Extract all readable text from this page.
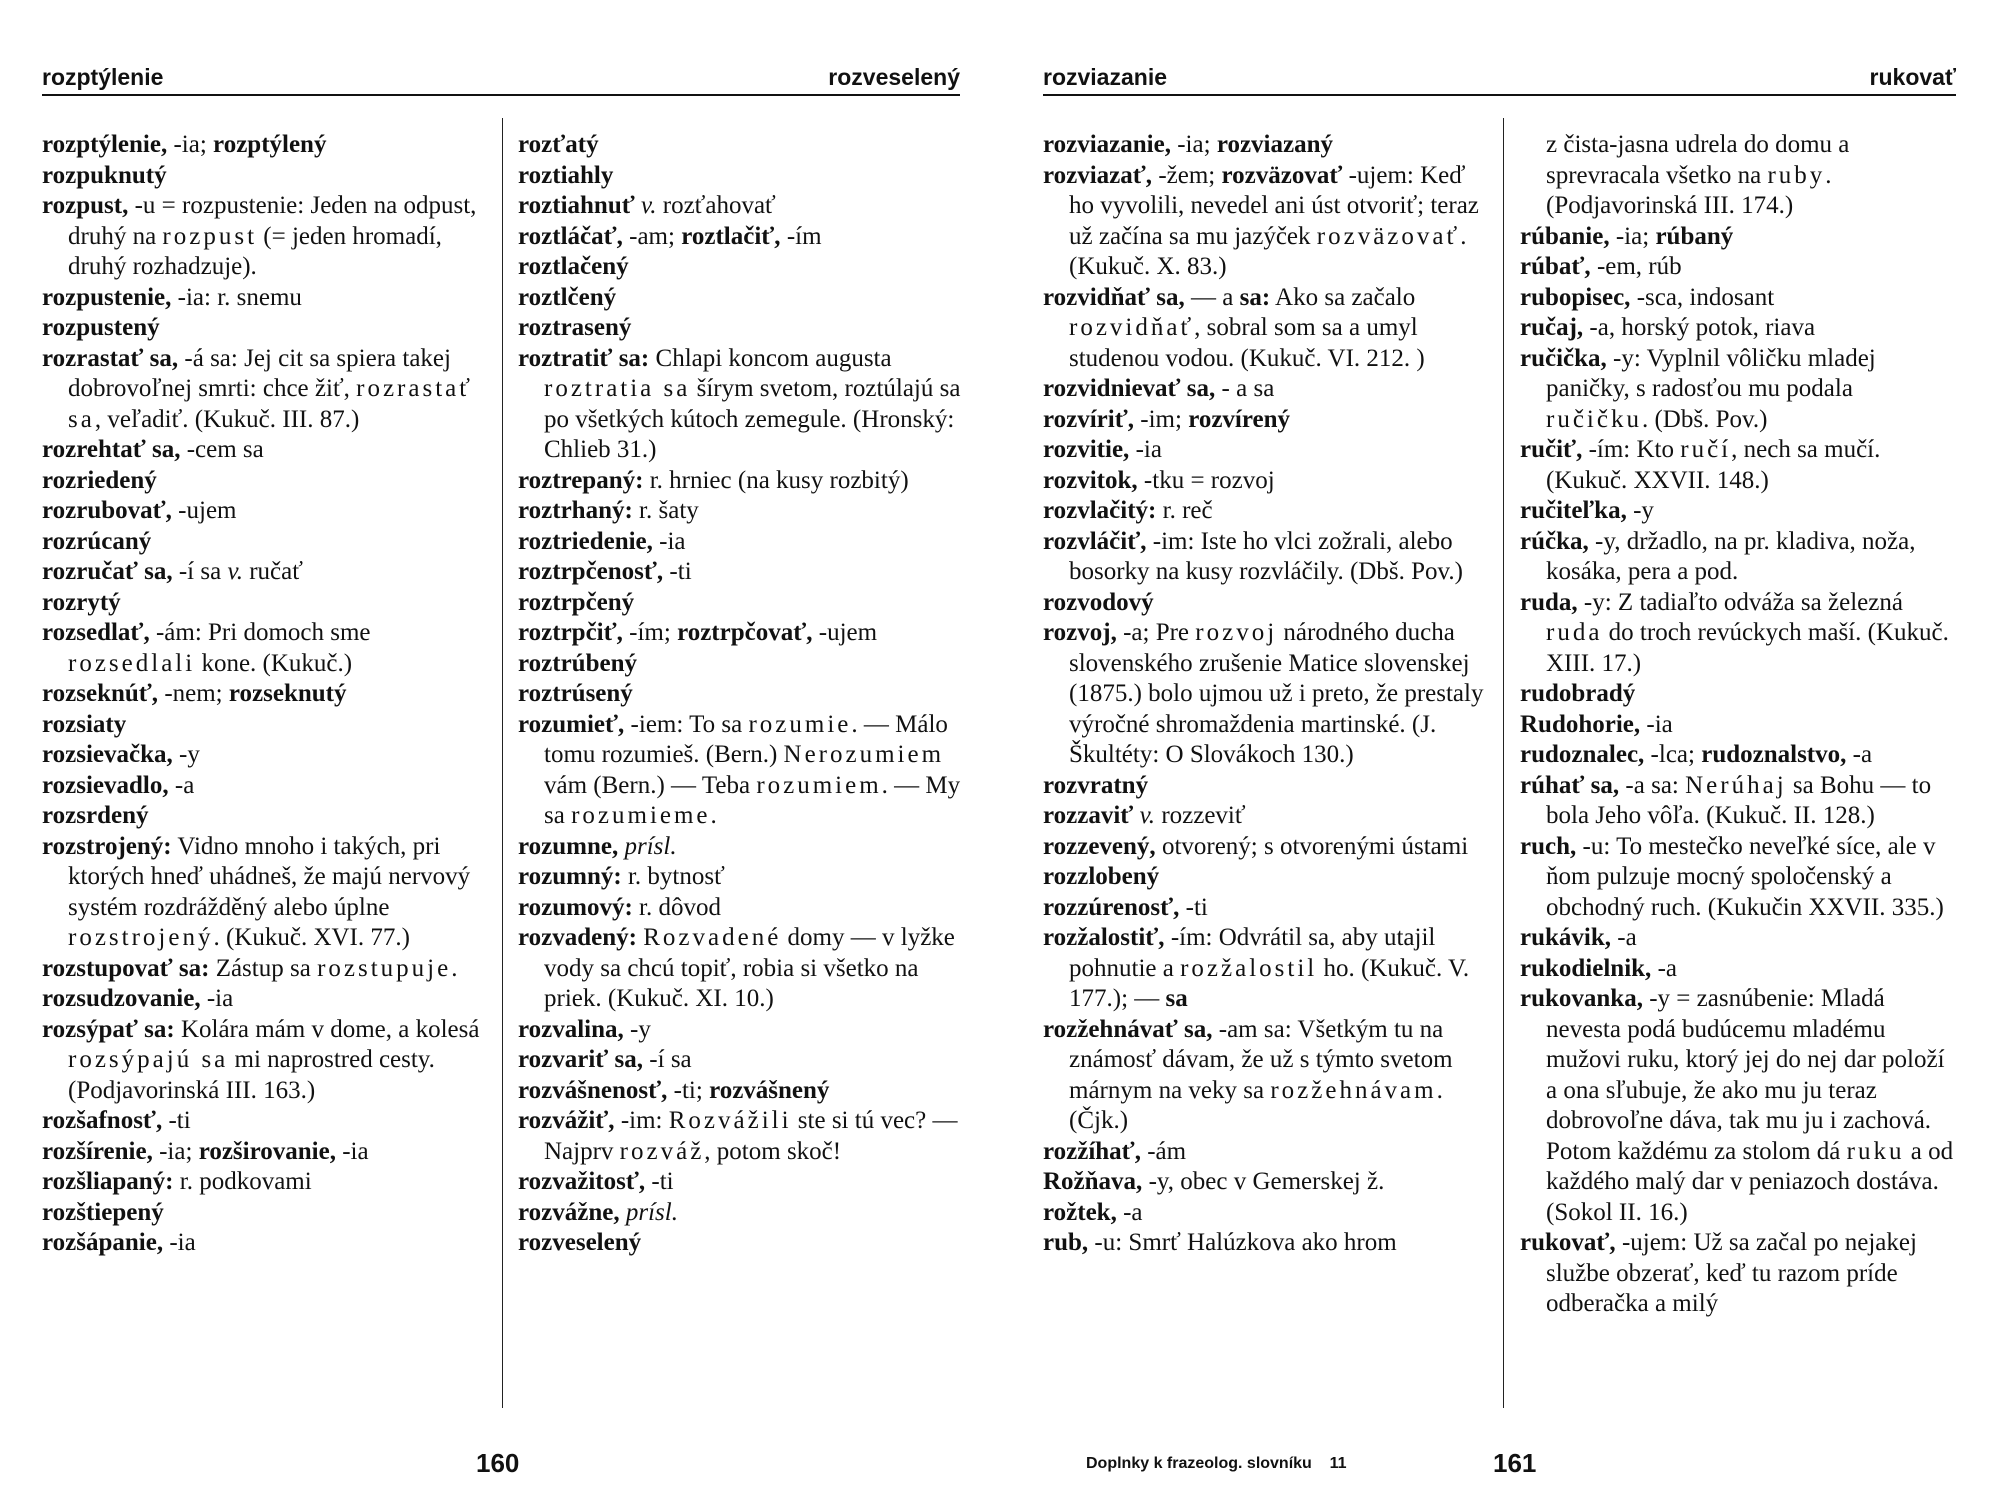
rozptýlenie	rozveselený

rozptýlenie, -ia; rozptýlený

rozpuknutý

rozpust, -u = rozpustenie: Jeden na odpust, druhý na rozpust (= jeden hromadí, druhý rozhadzuje).

rozpustenie, -ia: r. snemu

rozpustený

rozrastať sa, -á sa: Jej cit sa spiera takej dobrovoľnej smrti: chce žiť, rozrastať sa, veľadiť. (Kukuč. III. 87.)

rozrehtať sa, -cem sa

rozriedený

rozrubovať, -ujem

rozrúcaný

rozručať sa, -í sa v. ručať

rozrytý

rozsedlať, -ám: Pri domoch sme rozsedlali kone. (Kukuč.)

rozseknúť, -nem; rozseknutý

rozsiaty

rozsievačka, -y

rozsievadlo, -a

rozsrdený

rozstrojený: Vidno mnoho i takých, pri ktorých hneď uhádneš, že majú nervový systém rozdrážděný alebo úplne rozstrojený. (Kukuč. XVI. 77.)

rozstupovať sa: Zástup sa rozstupuje.

rozsudzovanie, -ia

rozsýpať sa: Kolára mám v dome, a kolesá rozsýpajú sa mi naprostred cesty. (Podjavorinská III. 163.)

rozšafnosť, -ti

rozšírenie, -ia; rozširovanie, -ia

rozšliapaný: r. podkovami

rozštiepený

rozšápanie, -ia

rozťatý

roztiahly

roztiahnuť v. rozťahovať

roztláčať, -am; roztlačiť, -ím

roztlačený

roztlčený

roztrasený

roztratiť sa: Chlapi koncom augusta roztratia sa šírym svetom, roztúlajú sa po všetkých kútoch zemegule. (Hronský: Chlieb 31.)

roztrepaný: r. hrniec (na kusy rozbitý)

roztrhaný: r. šaty

roztriedenie, -ia

roztrpčenosť, -ti

roztrpčený

roztrpčiť, -ím; roztrpčovať, -ujem

roztrúbený

roztrúsený

rozumieť, -iem: To sa rozumie. — Málo tomu rozumieš. (Bern.) Nerozumiem vám (Bern.) — Teba rozumiem. — My sa rozumieme.

rozumne, prísl.

rozumný: r. bytnosť

rozumový: r. dôvod

rozvadený: Rozvadené domy — v lyžke vody sa chcú topiť, robia si všetko na priek. (Kukuč. XI. 10.)

rozvalina, -y

rozvariť sa, -í sa

rozvášnenosť, -ti; rozvášnený

rozvážiť, -im: Rozvážili ste si tú vec? — Najprv rozváž, potom skoč!

rozvažitosť, -ti

rozvážne, prísl.

rozveselený

160
rozviazanie	rukovať

rozviazanie, -ia; rozviazaný

rozviazať, -žem; rozväzovať -ujem: Keď ho vyvolili, nevedel ani úst otvoriť; teraz už začína sa mu jazýček rozväzovať. (Kukuč. X. 83.)

rozvidňať sa, — a sa: Ako sa začalo rozvidňať, sobral som sa a umyl studenou vodou. (Kukuč. VI. 212. )

rozvidnievať sa, - a sa

rozvíriť, -im; rozvírený

rozvitie, -ia

rozvitok, -tku = rozvoj

rozvlačitý: r. reč

rozvláčiť, -im: Iste ho vlci zožrali, alebo bosorky na kusy rozvláčily. (Dbš. Pov.)

rozvodový

rozvoj, -a; Pre rozvoj národného ducha slovenského zrušenie Matice slovenskej (1875.) bolo ujmou už i preto, že prestaly výročné shromaždenia martinské. (J. Škultéty: O Slovákoch 130.)

rozvratný

rozzaviť v. rozzeviť

rozzevený, otvorený; s otvorenými ústami

rozzlobený

rozzúrenosť, -ti

rozžalostiť, -ím: Odvrátil sa, aby utajil pohnutie a rozžalostil ho. (Kukuč. V. 177.); — sa

rozžehnávať sa, -am sa: Všetkým tu na známosť dávam, že už s týmto svetom márnym na veky sa rozžehnávam. (Čjk.)

rozžíhať, -ám

Rožňava, -y, obec v Gemerskej ž.

rožtek, -a

rub, -u: Smrť Halúzkova ako hrom

z čista-jasna udrela do domu a sprevracala všetko na ruby. (Podjavorinská III. 174.)

rúbanie, -ia; rúbaný

rúbať, -em, rúb

rubopisec, -sca, indosant

ručaj, -a, horský potok, riava

ručička, -y: Vyplnil vôličku mladej paničky, s radosťou mu podala ručičku. (Dbš. Pov.)

ručiť, -ím: Kto ručí, nech sa mučí. (Kukuč. XXVII. 148.)

ručiteľka, -y

rúčka, -y, držadlo, na pr. kladiva, noža, kosáka, pera a pod.

ruda, -y: Z tadiaľto odváža sa železná ruda do troch revúckych maší. (Kukuč. XIII. 17.)

rudobradý

Rudohorie, -ia

rudoznalec, -lca; rudoznalstvo, -a

rúhať sa, -a sa: Nerúhaj sa Bohu — to bola Jeho vôľa. (Kukuč. II. 128.)

ruch, -u: To mestečko neveľké síce, ale v ňom pulzuje mocný spoločenský a obchodný ruch. (Kukučin XXVII. 335.)

rukávik, -a

rukodielnik, -a

rukovanka, -y = zasnúbenie: Mladá nevesta podá budúcemu mladému mužovi ruku, ktorý jej do nej dar položí a ona sľubuje, že ako mu ju teraz dobrovoľne dáva, tak mu ju i zachová. Potom každému za stolom dá ruku a od každého malý dar v peniazoch dostáva. (Sokol II. 16.)

rukovať, -ujem: Už sa začal po nejakej službe obzerať, keď tu razom príde odberačka a milý

Doplnky k frazeolog. slovníku    11	161
